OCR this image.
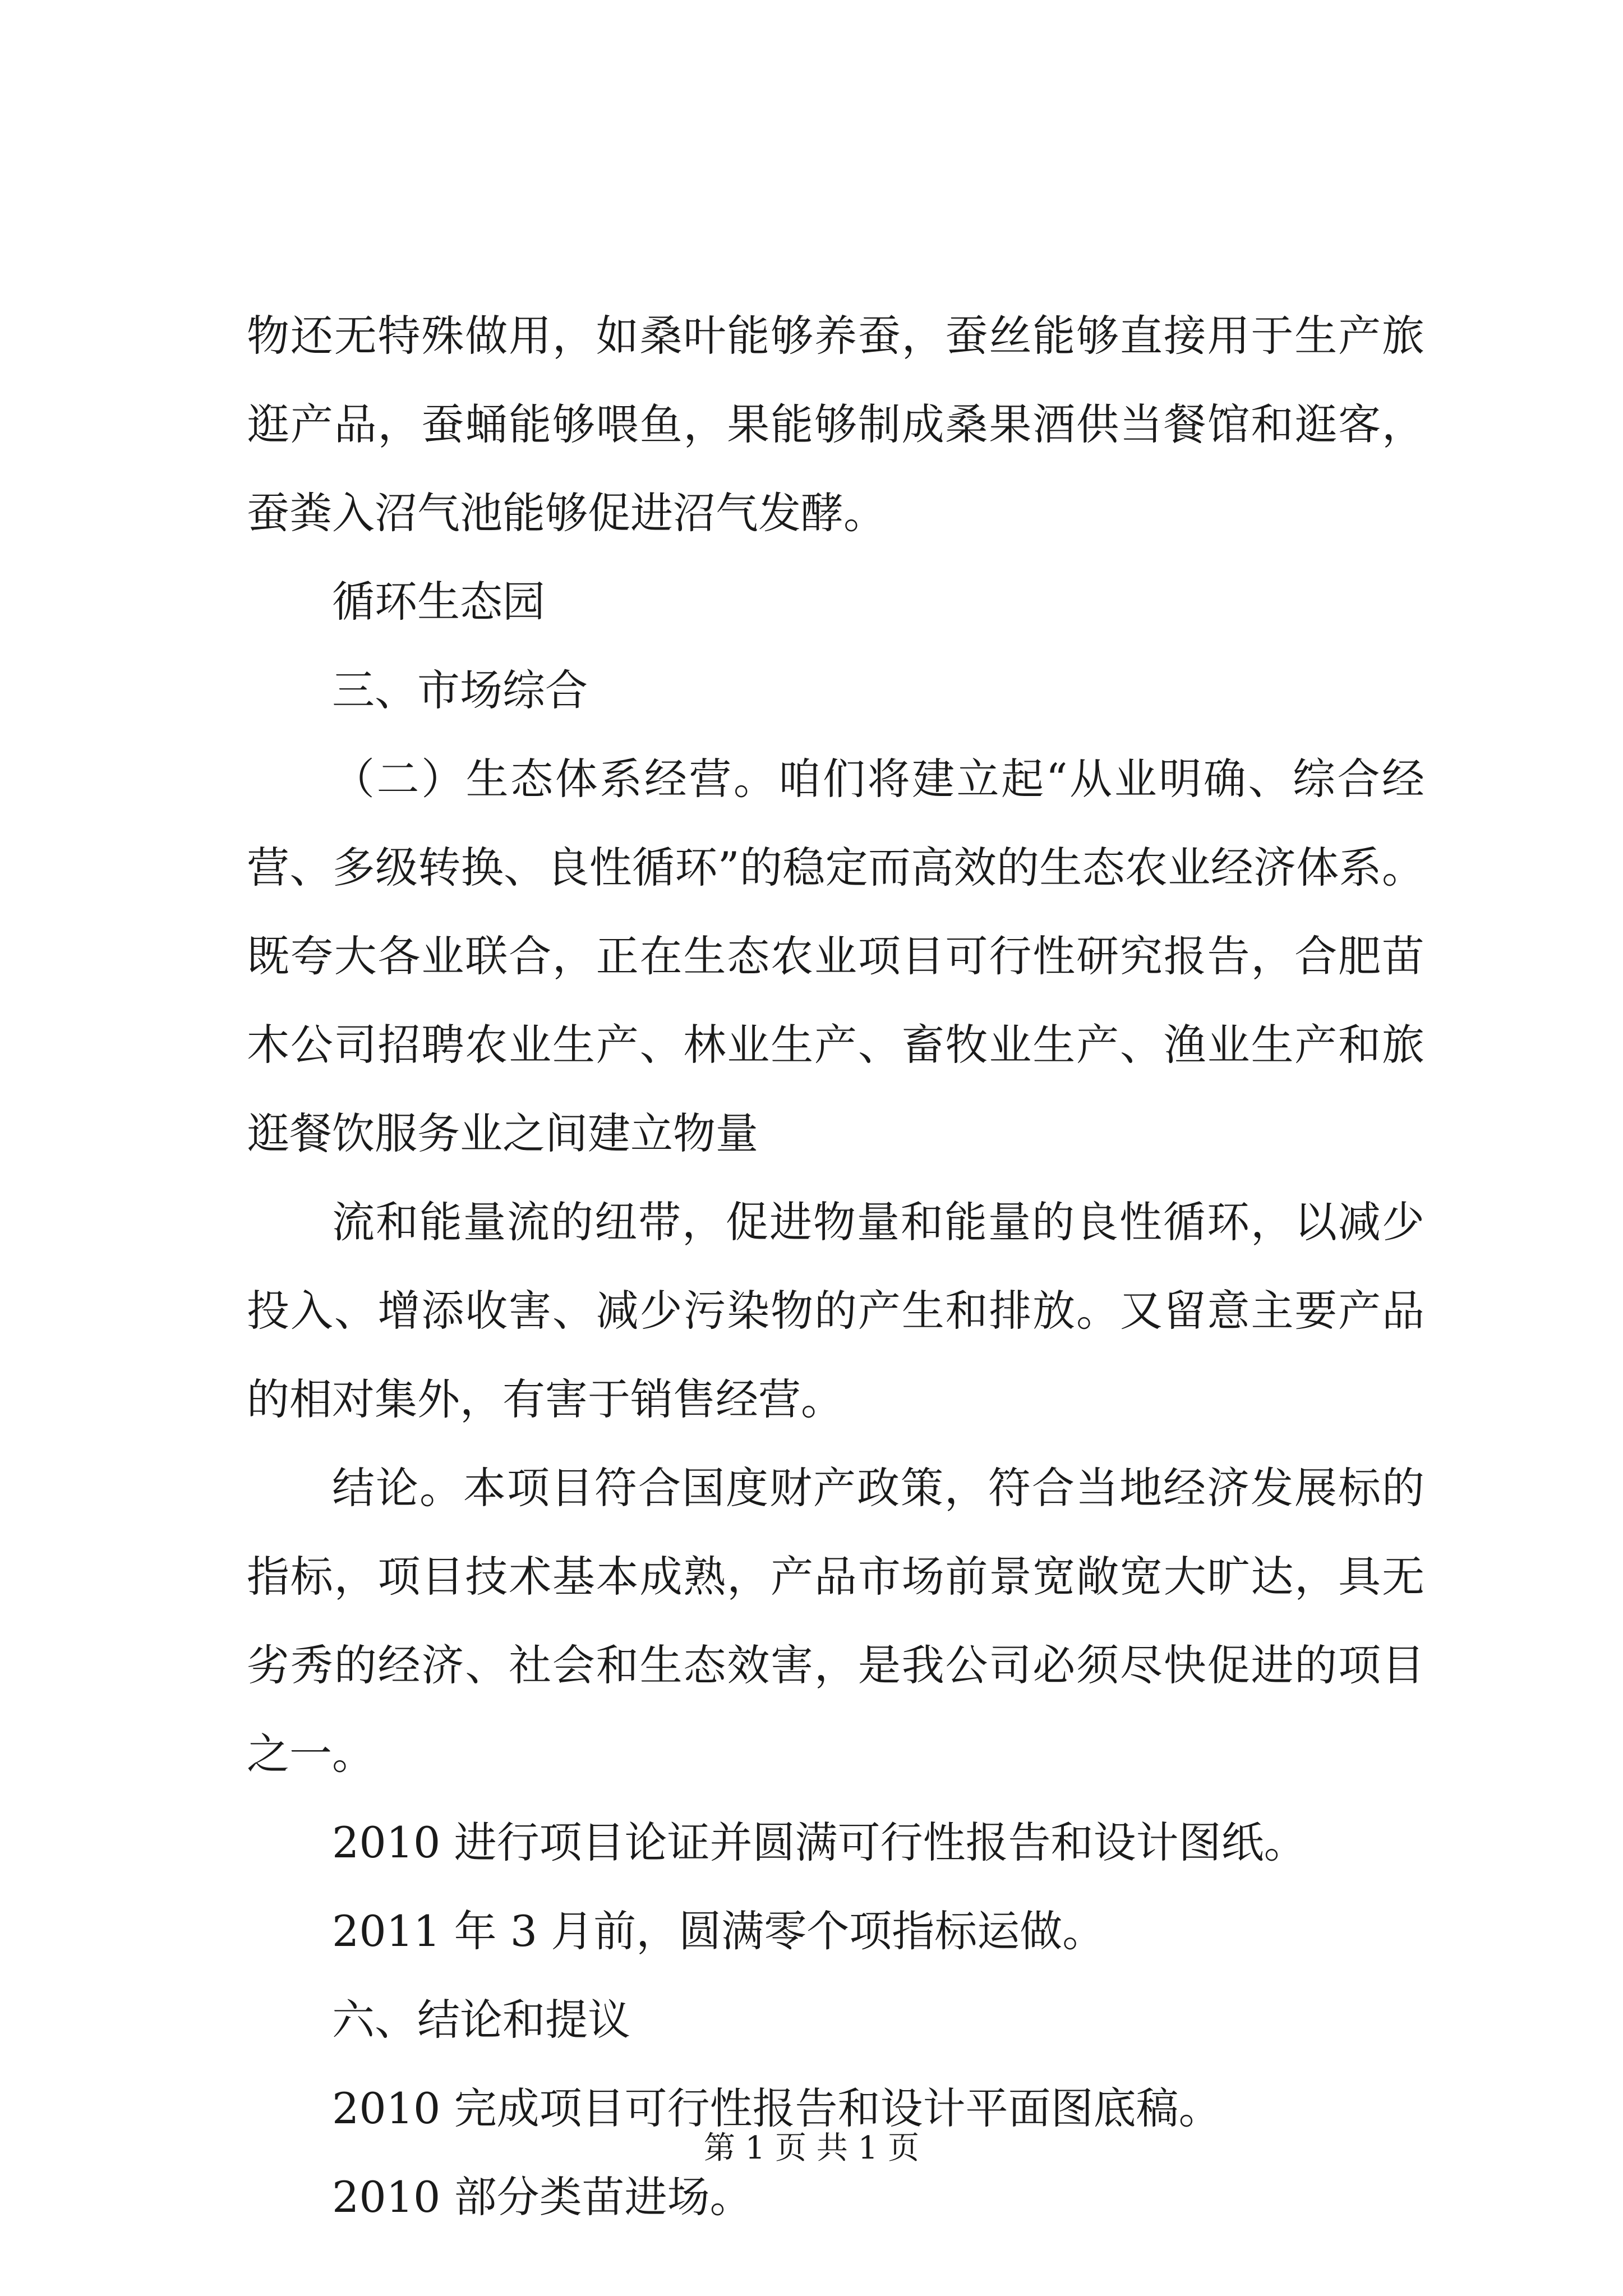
物还无特殊做用，如桑叶能够养蚕，蚕丝能够直接用于生产旅逛产品，蚕蛹能够喂鱼，果能够制成桑果酒供当餐馆和逛客，蚕粪入沼气池能够促进沼气发酵。

循环生态园

三、市场综合

（二）生态体系经营。咱们将建立起“从业明确、综合经营、多级转换、良性循环”的稳定而高效的生态农业经济体系。既夸大各业联合，正在生态农业项目可行性研究报告，合肥苗木公司招聘农业生产、林业生产、畜牧业生产、渔业生产和旅逛餐饮服务业之间建立物量

流和能量流的纽带，促进物量和能量的良性循环，以减少投入、增添收害、减少污染物的产生和排放。又留意主要产品的相对集外，有害于销售经营。

结论。本项目符合国度财产政策，符合当地经济发展标的指标，项目技术基本成熟，产品市场前景宽敞宽大旷达，具无劣秀的经济、社会和生态效害，是我公司必须尽快促进的项目之一。

2010 进行项目论证并圆满可行性报告和设计图纸。

2011 年 3 月前，圆满零个项指标运做。

六、结论和提议

2010 完成项目可行性报告和设计平面图底稿。

2010 部分类苗进场。

第 1 页 共 1 页
